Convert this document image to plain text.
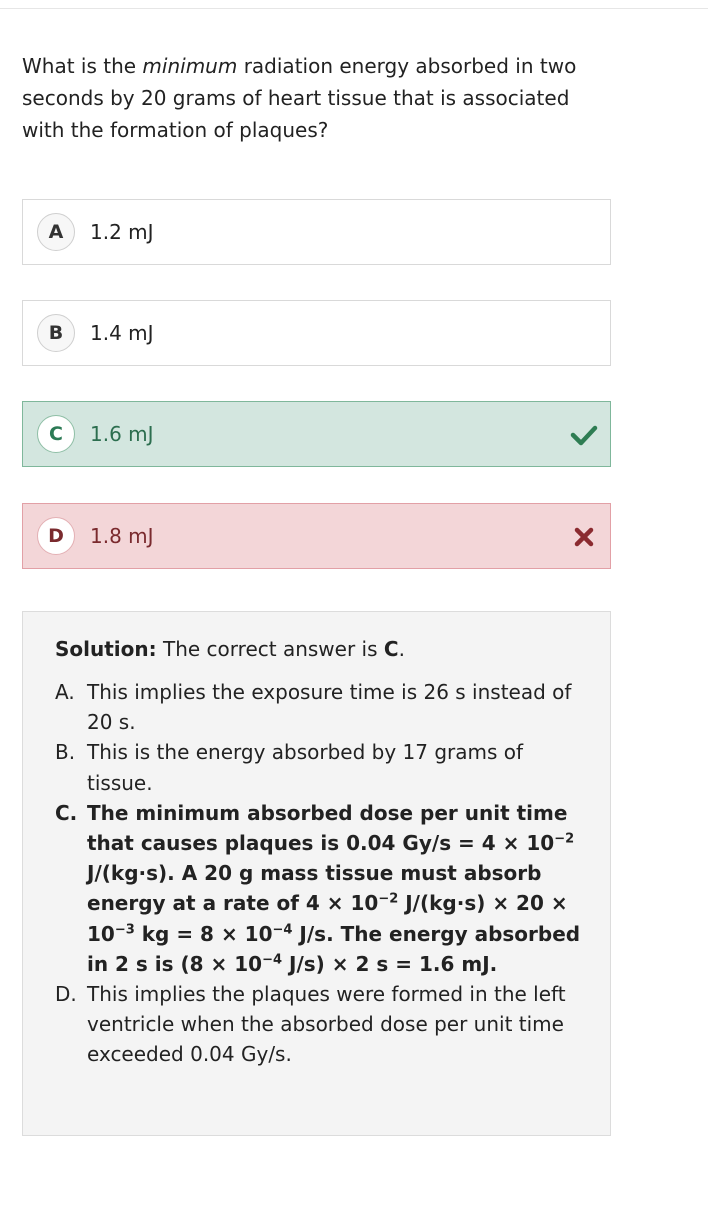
What is the minimum radiation energy absorbed in two seconds by 20 grams of heart tissue that is associated with the formation of plaques?
A	1.2 mJ
B	1.4 mJ
C	1.6 mJ
D	1.8 mJ
Solution: The correct answer is C.
A. This implies the exposure time is 26 s instead of 20 s.
B. This is the energy absorbed by 17 grams of tissue.
C. The minimum absorbed dose per unit time that causes plaques is 0.04 $Gy/s = 4 \times 10^{-2}$ J/(kg·s). A 20 g mass tissue must absorb energy at a rate of $4 \times 10^{-2}$ $J/(kg\cdot s) \times 20 \times 10^{-3}$ kg = $8 \times 10^{-4}$ J/s. The energy absorbed in 2 s is ($8 \times 10^{-4}$ J/s) × 2 s = 1.6 mJ.
D. This implies the plaques were formed in the left ventricle when the absorbed dose per unit time exceeded 0.04 Gy/s.
